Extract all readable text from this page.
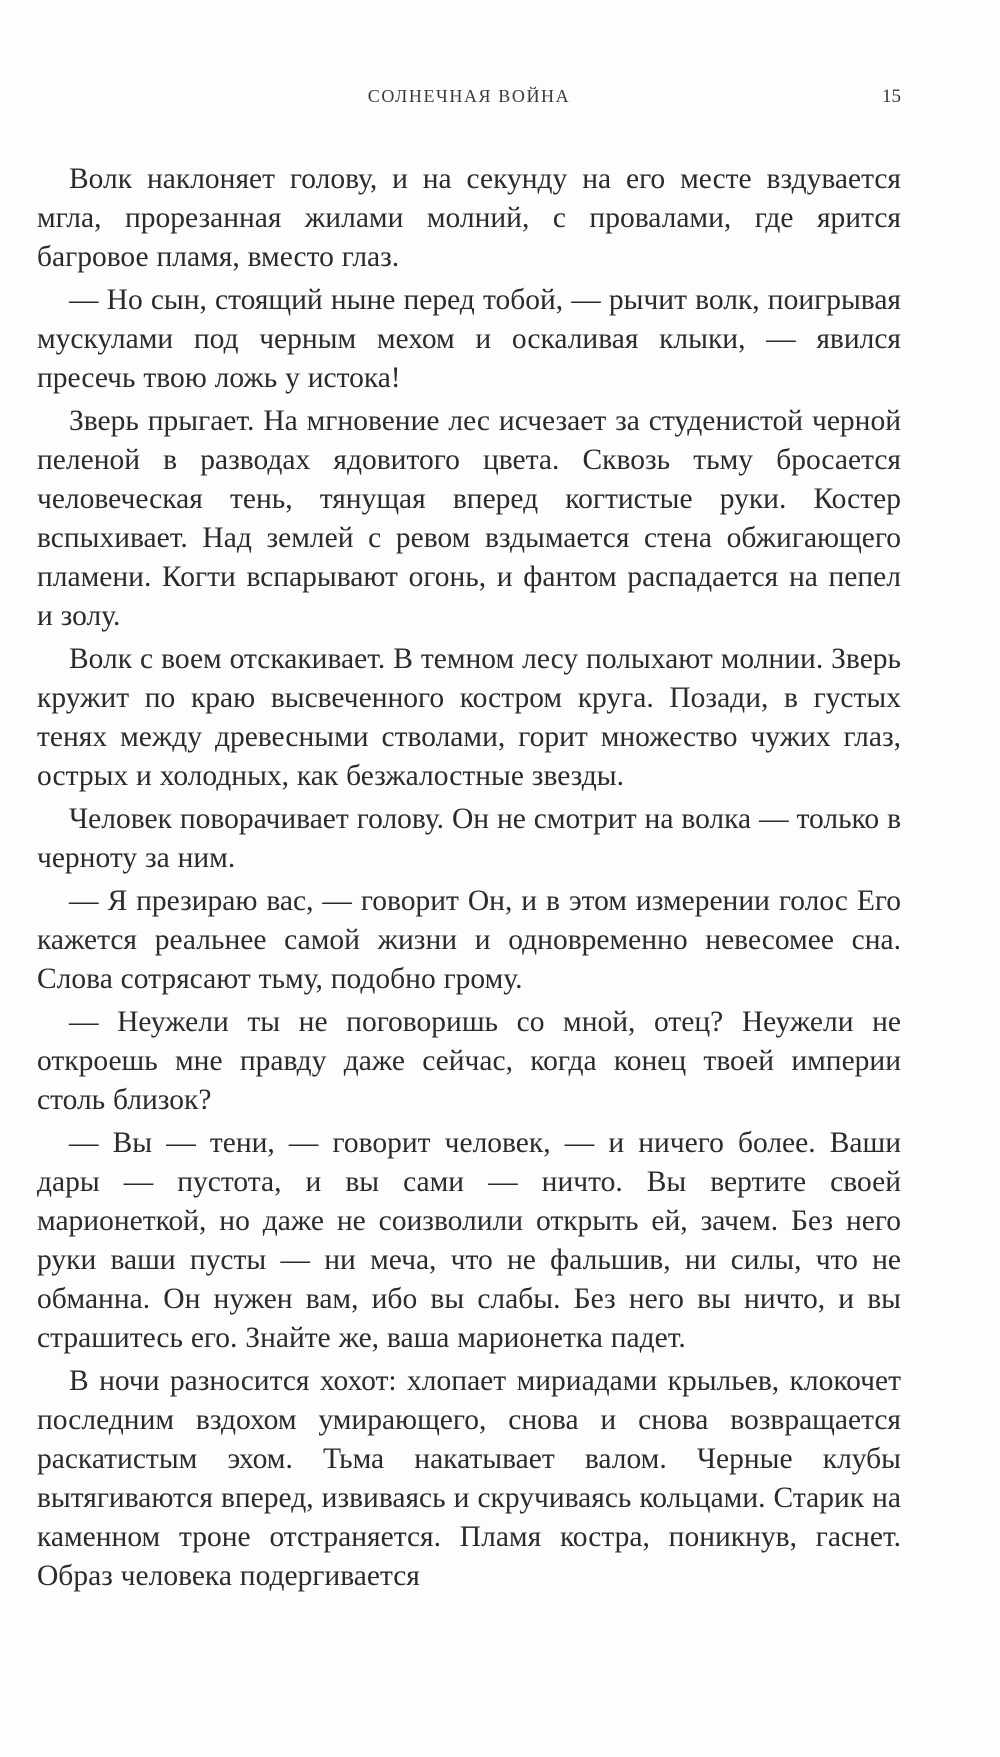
СОЛНЕЧНАЯ ВОЙНА	15

Волк наклоняет голову, и на секунду на его месте вздувается мгла, прорезанная жилами молний, с провалами, где ярится багровое пламя, вместо глаз.

— Но сын, стоящий ныне перед тобой, — рычит волк, поигрывая мускулами под черным мехом и оскаливая клыки, — явился пресечь твою ложь у истока!

Зверь прыгает. На мгновение лес исчезает за студенистой черной пеленой в разводах ядовитого цвета. Сквозь тьму бросается человеческая тень, тянущая вперед когтистые руки. Костер вспыхивает. Над землей с ревом вздымается стена обжигающего пламени. Когти вспарывают огонь, и фантом распадается на пепел и золу.

Волк с воем отскакивает. В темном лесу полыхают молнии. Зверь кружит по краю высвеченного костром круга. Позади, в густых тенях между древесными стволами, горит множество чужих глаз, острых и холодных, как безжалостные звезды.

Человек поворачивает голову. Он не смотрит на волка — только в черноту за ним.

— Я презираю вас, — говорит Он, и в этом измерении голос Его кажется реальнее самой жизни и одновременно невесомее сна. Слова сотрясают тьму, подобно грому.

— Неужели ты не поговоришь со мной, отец? Неужели не откроешь мне правду даже сейчас, когда конец твоей империи столь близок?

— Вы — тени, — говорит человек, — и ничего более. Ваши дары — пустота, и вы сами — ничто. Вы вертите своей марионеткой, но даже не соизволили открыть ей, зачем. Без него руки ваши пусты — ни меча, что не фальшив, ни силы, что не обманна. Он нужен вам, ибо вы слабы. Без него вы ничто, и вы страшитесь его. Знайте же, ваша марионетка падет.

В ночи разносится хохот: хлопает мириадами крыльев, клокочет последним вздохом умирающего, снова и снова возвращается раскатистым эхом. Тьма накатывает валом. Черные клубы вытягиваются вперед, извиваясь и скручиваясь кольцами. Старик на каменном троне отстраняется. Пламя костра, поникнув, гаснет. Образ человека подергивается
